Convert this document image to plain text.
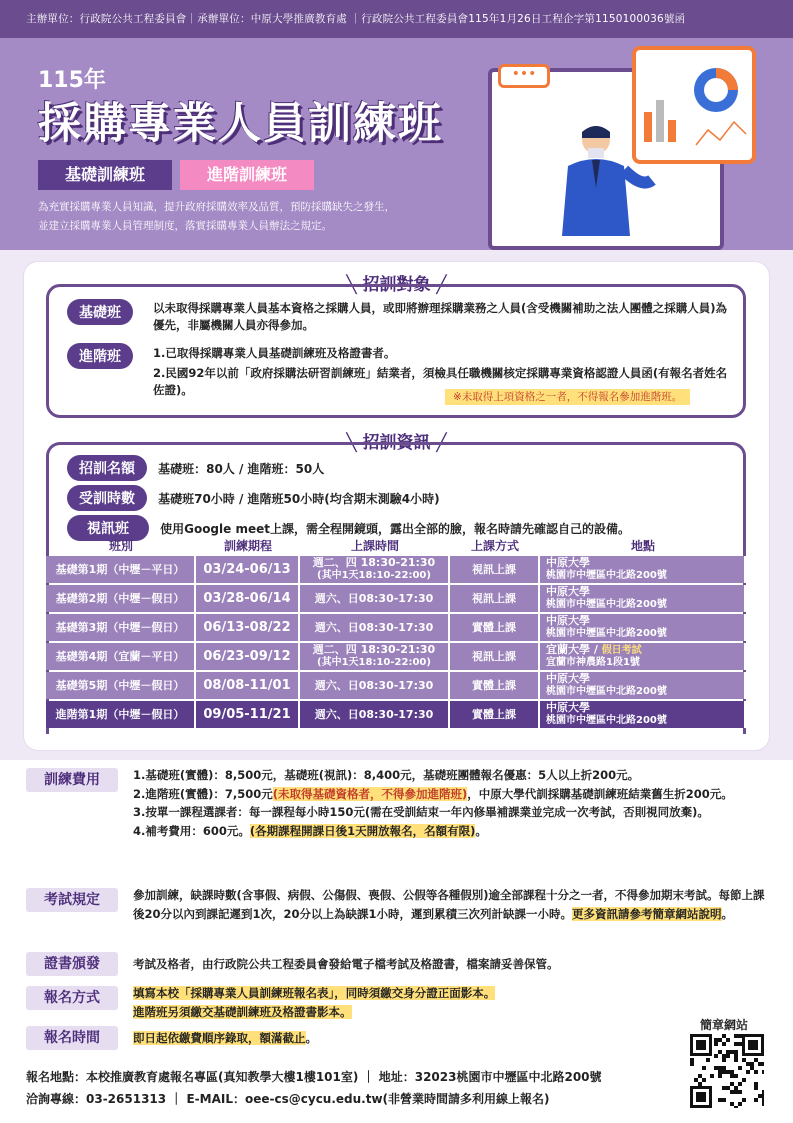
主辦單位：行政院公共工程委員會｜承辦單位：中原大學推廣教育處 ｜行政院公共工程委員會115年1月26日工程企字第1150100036號函
115年
採購專業人員訓練班
基礎訓練班	進階訓練班
為充實採購專業人員知識，提升政府採購效率及品質，預防採購缺失之發生，
並建立採購專業人員管理制度，落實採購專業人員辦法之規定。
•••
╲ 招訓對象 ╱
基礎班	以未取得採購專業人員基本資格之採購人員，或即將辦理採購業務之人員(含受機關補助之法人團體之採購人員)為優先，非屬機關人員亦得參加。
進階班	1.已取得採購專業人員基礎訓練班及格證書者。
2.民國92年以前「政府採購法研習訓練班」結業者，須檢具任職機關核定採購專業資格認證人員函(有報名者姓名佐證)。	※未取得上項資格之一者，不得報名參加進階班。
╲ 招訓資訊 ╱
招訓名額 基礎班：80人 / 進階班：50人
受訓時數 基礎班70小時 / 進階班50小時(均含期末測驗4小時)
視訊班	使用Google meet上課，需全程開鏡頭，露出全部的臉，報名時請先確認自己的設備。
班別	訓練期程	上課時間	上課方式	地點
基礎第1期（中壢－平日）	03/24-06/13	週二、四 18:30-21:30
(其中1天18:10-22:00)	視訊上課	中原大學
桃園市中壢區中北路200號
基礎第2期（中壢－假日）	03/28-06/14	週六、日08:30-17:30	視訊上課	中原大學
桃園市中壢區中北路200號
基礎第3期（中壢－假日）	06/13-08/22	週六、日08:30-17:30	實體上課	中原大學
桃園市中壢區中北路200號
基礎第4期（宜蘭－平日）	06/23-09/12	週二、四 18:30-21:30
(其中1天18:10-22:00)	視訊上課	宜蘭大學 / 假日考試
宜蘭市神農路1段1號
基礎第5期（中壢－假日）	08/08-11/01	週六、日08:30-17:30	實體上課	中原大學
桃園市中壢區中北路200號
進階第1期（中壢－假日）	09/05-11/21	週六、日08:30-17:30	實體上課	中原大學
桃園市中壢區中北路200號
訓練費用	1.基礎班(實體)：8,500元，基礎班(視訊)：8,400元，基礎班團體報名優惠：5人以上折200元。
2.進階班(實體)：7,500元(未取得基礎資格者，不得參加進階班)，中原大學代訓採購基礎訓練班結業舊生折200元。
3.按單一課程選課者：每一課程每小時150元(需在受訓結束一年內修畢補課業並完成一次考試，否則視同放棄)。
4.補考費用：600元。(各期課程開課日後1天開放報名，名額有限)。
考試規定	參加訓練，缺課時數(含事假、病假、公傷假、喪假、公假等各種假別)逾全部課程十分之一者，不得參加期末考試。每節上課後20分以內到課記遲到1次，20分以上為缺課1小時，遲到累積三次列計缺課一小時。更多資訊請參考簡章網站說明。
證書頒發	考試及格者，由行政院公共工程委員會發給電子檔考試及格證書，檔案請妥善保管。
報名方式	填寫本校「採購專業人員訓練班報名表」，同時須繳交身分證正面影本。
進階班另須繳交基礎訓練班及格證書影本。
報名時間	即日起依繳費順序錄取，額滿截止。
簡章網站
報名地點：本校推廣教育處報名專區(真知教學大樓1樓101室) ｜ 地址：32023桃園市中壢區中北路200號
洽詢專線：03-2651313 ｜ E-MAIL：oee-cs@cycu.edu.tw(非營業時間請多利用線上報名)
